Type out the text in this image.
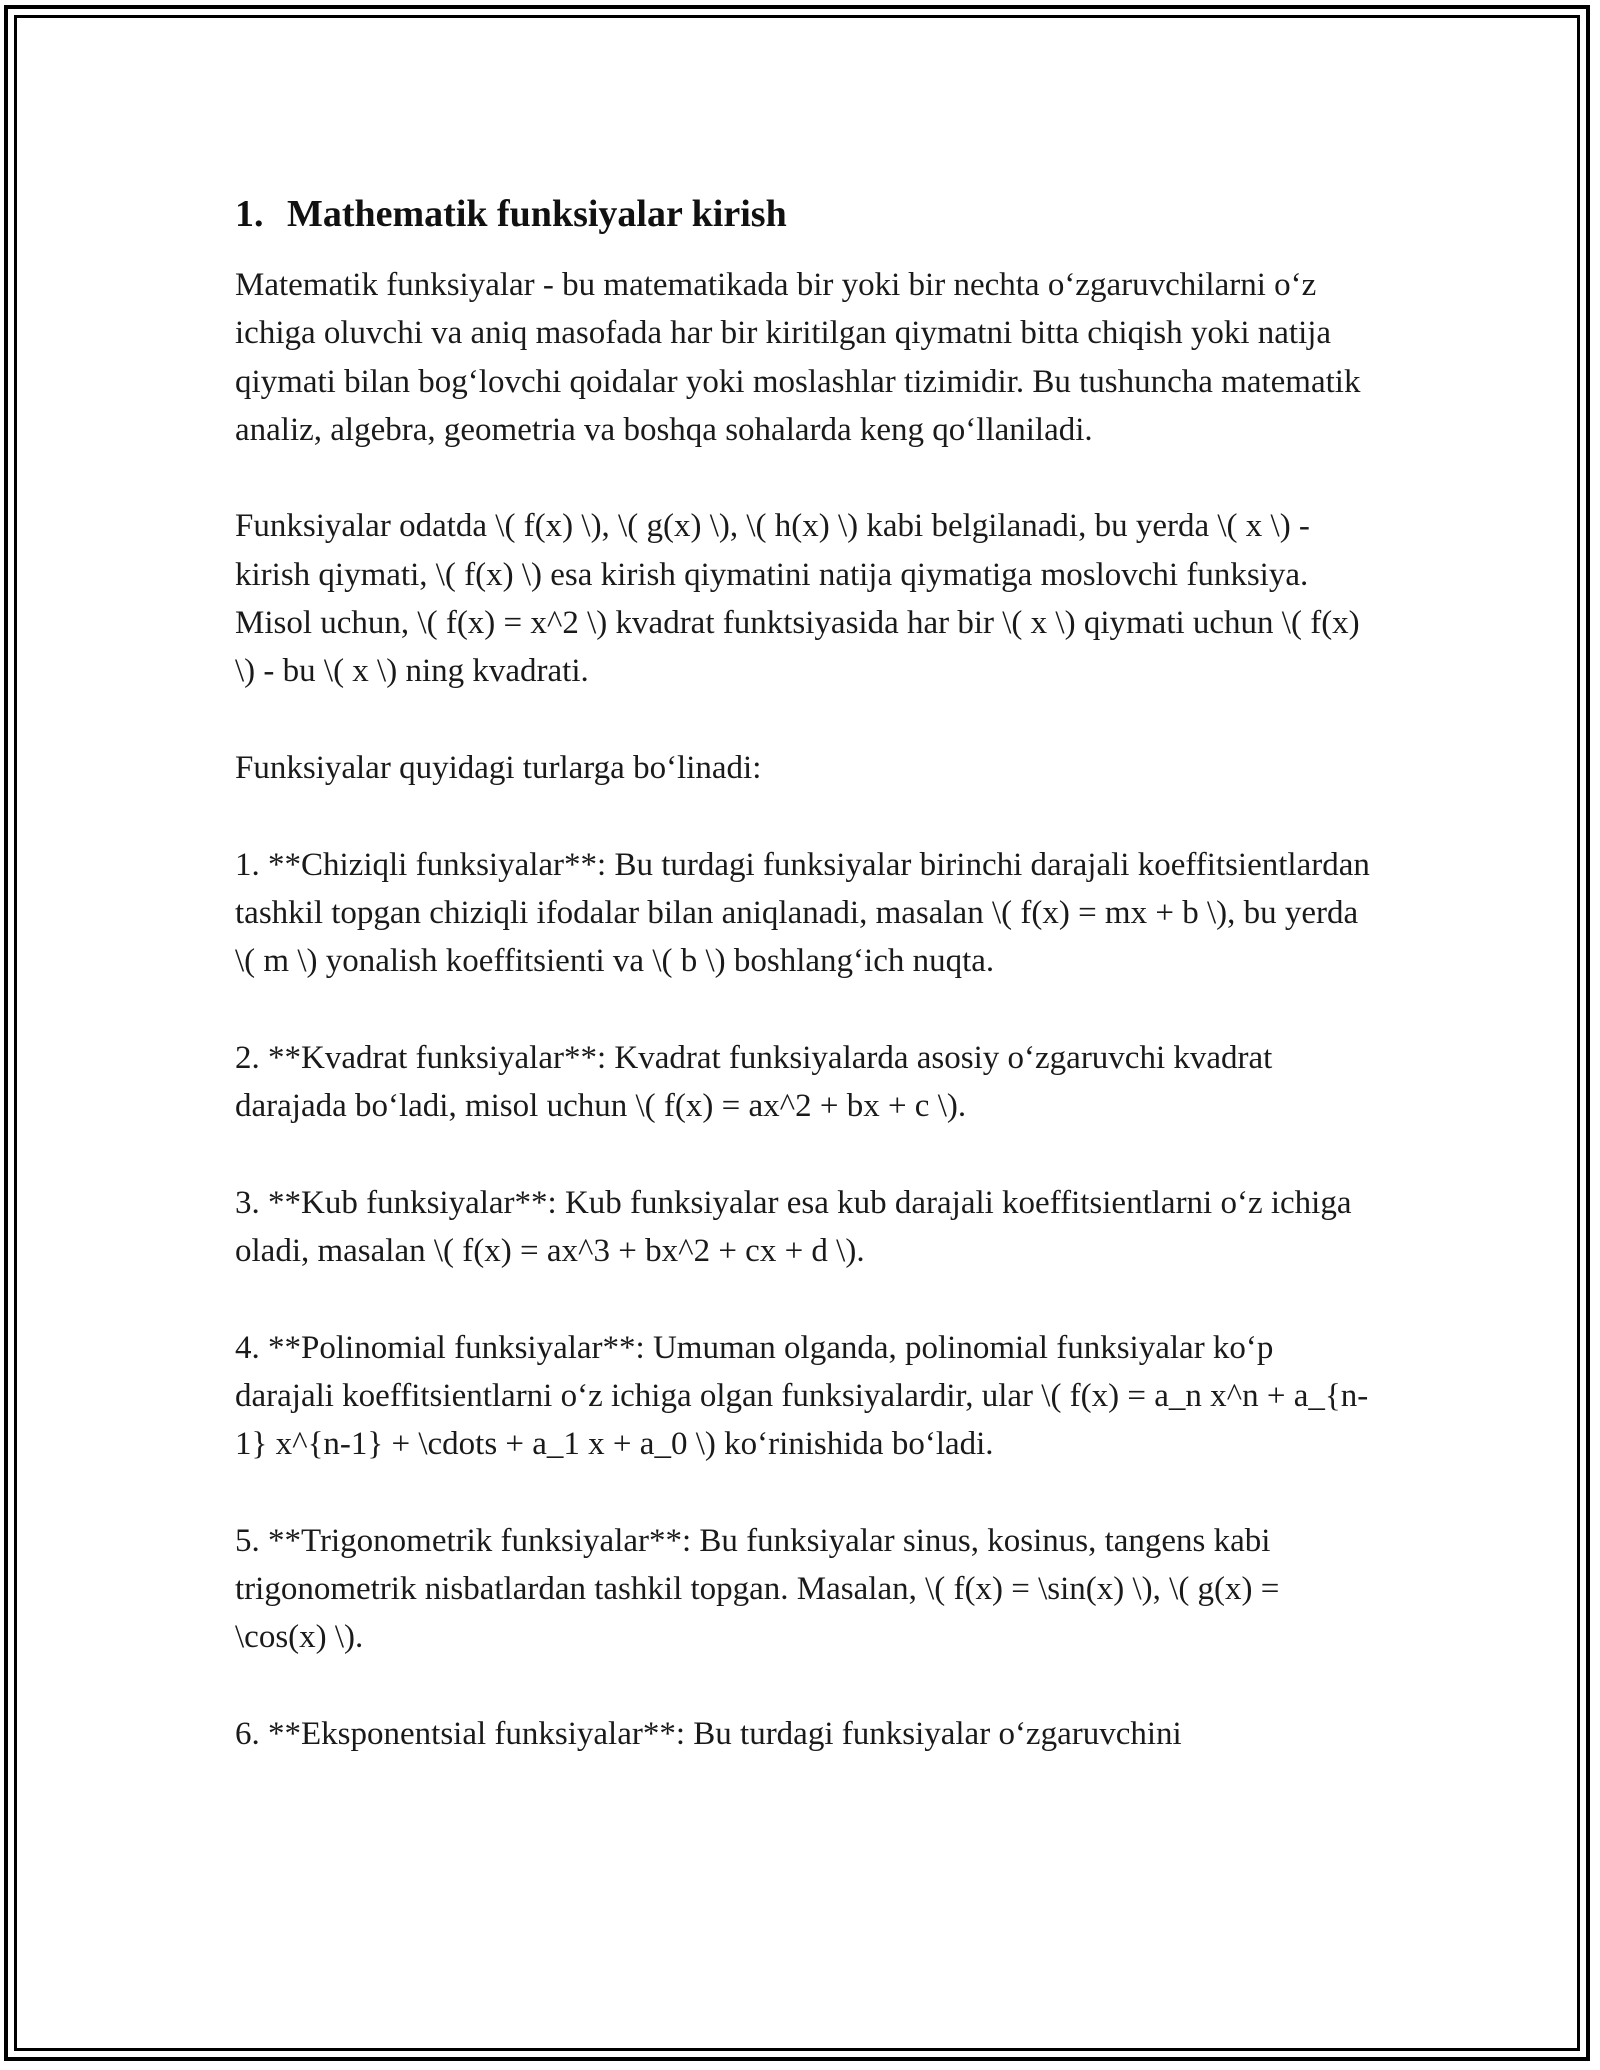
1. Mathematik funksiyalar kirish

Matematik funksiyalar - bu matematikada bir yoki bir nechta o‘zgaruvchilarni o‘z ichiga oluvchi va aniq masofada har bir kiritilgan qiymatni bitta chiqish yoki natija qiymati bilan bog‘lovchi qoidalar yoki moslashlar tizimidir. Bu tushuncha matematik analiz, algebra, geometria va boshqa sohalarda keng qo‘llaniladi.

Funksiyalar odatda \( f(x) \), \( g(x) \), \( h(x) \) kabi belgilanadi, bu yerda \( x \) - kirish qiymati, \( f(x) \) esa kirish qiymatini natija qiymatiga moslovchi funksiya. Misol uchun, \( f(x) = x^2 \) kvadrat funktsiyasida har bir \( x \) qiymati uchun \( f(x) \) - bu \( x \) ning kvadrati.

Funksiyalar quyidagi turlarga bo‘linadi:

1. **Chiziqli funksiyalar**: Bu turdagi funksiyalar birinchi darajali koeffitsientlardan tashkil topgan chiziqli ifodalar bilan aniqlanadi, masalan \( f(x) = mx + b \), bu yerda \( m \) yonalish koeffitsienti va \( b \) boshlang‘ich nuqta.

2. **Kvadrat funksiyalar**: Kvadrat funksiyalarda asosiy o‘zgaruvchi kvadrat darajada bo‘ladi, misol uchun \( f(x) = ax^2 + bx + c \).

3. **Kub funksiyalar**: Kub funksiyalar esa kub darajali koeffitsientlarni o‘z ichiga oladi, masalan \( f(x) = ax^3 + bx^2 + cx + d \).

4. **Polinomial funksiyalar**: Umuman olganda, polinomial funksiyalar ko‘p darajali koeffitsientlarni o‘z ichiga olgan funksiyalardir, ular \( f(x) = a_n x^n + a_{n-1} x^{n-1} + \cdots + a_1 x + a_0 \) ko‘rinishida bo‘ladi.

5. **Trigonometrik funksiyalar**: Bu funksiyalar sinus, kosinus, tangens kabi trigonometrik nisbatlardan tashkil topgan. Masalan, \( f(x) = \sin(x) \), \( g(x) = \cos(x) \).

6. **Eksponentsial funksiyalar**: Bu turdagi funksiyalar o‘zgaruvchini
